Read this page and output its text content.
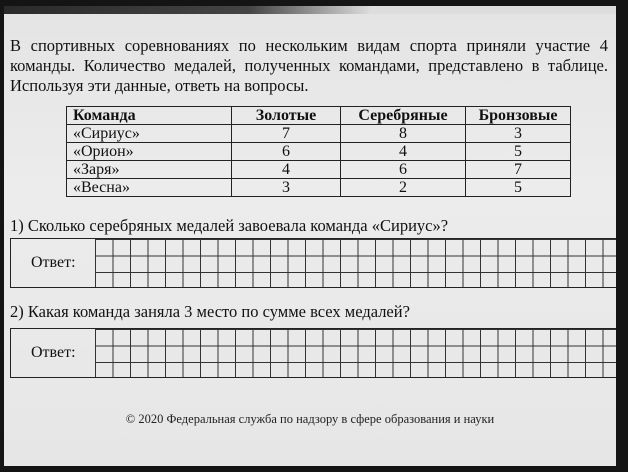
В спортивных соревнованиях по нескольким видам спорта приняли участие 4 команды. Количество медалей, полученных командами, представлено в таблице. Используя эти данные, ответь на вопросы.

Команда	Золотые	Серебряные	Бронзовые
«Сириус»	7	8	3
«Орион»	6	4	5
«Заря»	4	6	7
«Весна»	3	2	5

1) Сколько серебряных медалей завоевала команда «Сириус»?

Ответ:

2) Какая команда заняла 3 место по сумме всех медалей?

Ответ:

© 2020 Федеральная служба по надзору в сфере образования и науки
